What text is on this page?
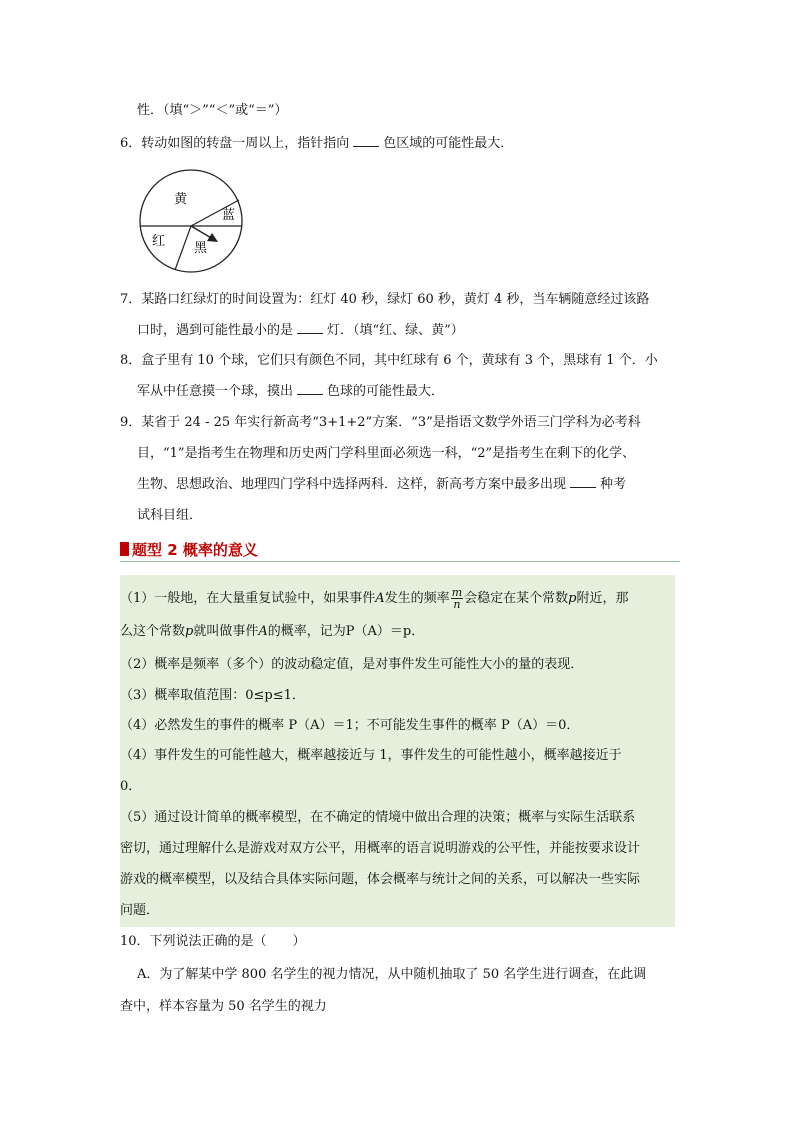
性．（填“＞”“＜”或“＝”）
6．转动如图的转盘一周以上，指针指向	色区域的可能性最大．
黄
蓝
黑
红
7．某路口红绿灯的时间设置为：红灯 40 秒，绿灯 60 秒，黄灯 4 秒，当车辆随意经过该路
口时，遇到可能性最小的是	灯．（填“红、绿、黄”）
8．盒子里有 10 个球，它们只有颜色不同，其中红球有 6 个，黄球有 3 个，黑球有 1 个．小
军从中任意摸一个球，摸出	色球的可能性最大．
9．某省于 24 - 25 年实行新高考“3+1+2”方案．“3”是指语文数学外语三门学科为必考科
目，“1”是指考生在物理和历史两门学科里面必须选一科，“2”是指考生在剩下的化学、
生物、思想政治、地理四门学科中选择两科．这样，新高考方案中最多出现	种考
试科目组．
题型 2 概率的意义
（1）一般地，在大量重复试验中，如果事件A发生的频率 $\frac{m}{n}$ 会稳定在某个常数p附近，那
么这个常数p就叫做事件A的概率，记为P（A）＝p．
（2）概率是频率（多个）的波动稳定值，是对事件发生可能性大小的量的表现．
（3）概率取值范围：0≤p≤1．
（4）必然发生的事件的概率 P（A）＝1；不可能发生事件的概率 P（A）＝0．
（4）事件发生的可能性越大，概率越接近与 1，事件发生的可能性越小，概率越接近于
0．
（5）通过设计简单的概率模型，在不确定的情境中做出合理的决策；概率与实际生活联系
密切，通过理解什么是游戏对双方公平，用概率的语言说明游戏的公平性，并能按要求设计
游戏的概率模型，以及结合具体实际问题，体会概率与统计之间的关系，可以解决一些实际
问题．
10．下列说法正确的是（　　）
A．为了解某中学 800 名学生的视力情况，从中随机抽取了 50 名学生进行调查，在此调
查中，样本容量为 50 名学生的视力
